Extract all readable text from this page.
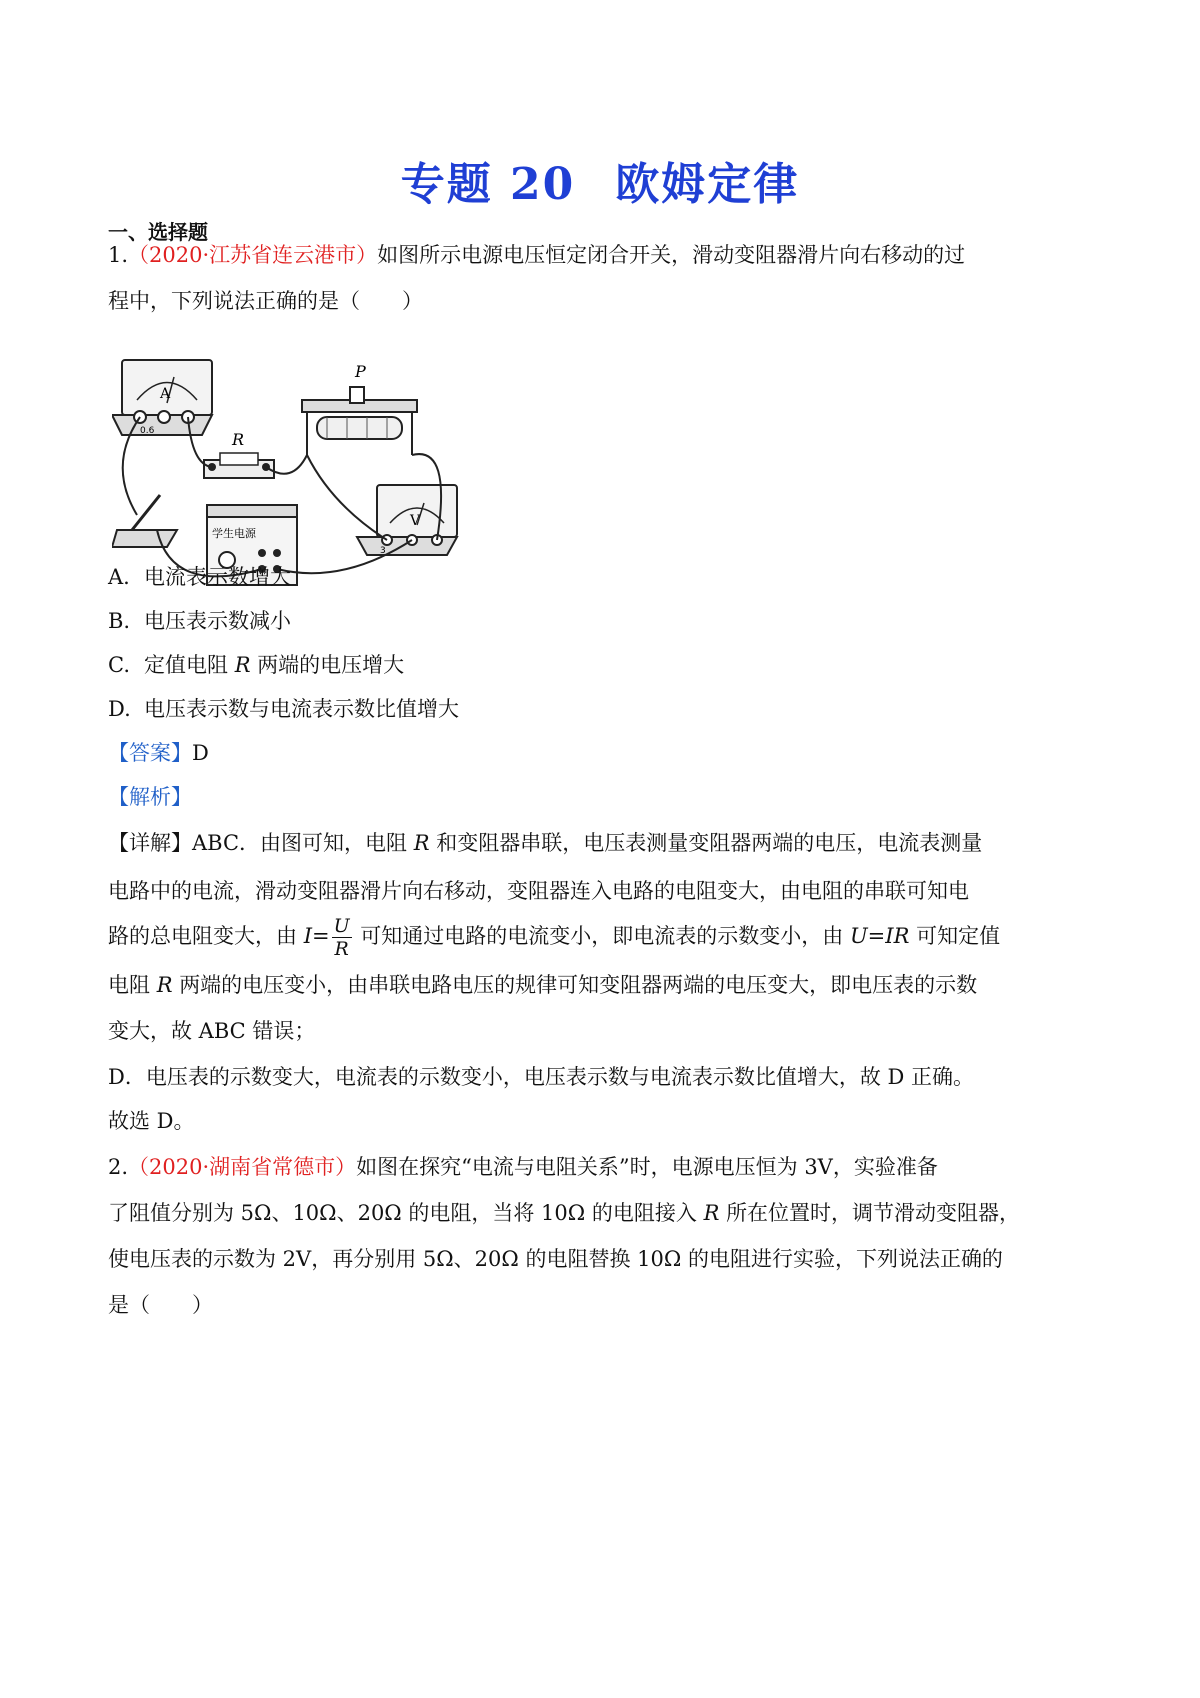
专题 20 欧姆定律
一、选择题
1.（2020·江苏省连云港市）如图所示电源电压恒定闭合开关，滑动变阻器滑片向右移动的过
程中，下列说法正确的是（　　）
A
0.6	R
P
学生电源
V
3
A. 电流表示数增大
B. 电压表示数减小
C. 定值电阻 R 两端的电压增大
D. 电压表示数与电流表示数比值增大
【答案】D
【解析】
【详解】ABC．由图可知，电阻 R 和变阻器串联，电压表测量变阻器两端的电压，电流表测量
电路中的电流，滑动变阻器滑片向右移动，变阻器连入电路的电阻变大，由电阻的串联可知电
路的总电阻变大，由 $I= \frac{U}{R}$ 可知通过电路的电流变小，即电流表的示数变小，由 U=IR 可知定值
电阻 R 两端的电压变小，由串联电路电压的规律可知变阻器两端的电压变大，即电压表的示数
变大，故 ABC 错误；
D．电压表的示数变大，电流表的示数变小，电压表示数与电流表示数比值增大，故 D 正确。
故选 D。
2.（2020·湖南省常德市）如图在探究“电流与电阻关系”时，电源电压恒为 3V，实验准备
了阻值分别为 5Ω、10Ω、20Ω 的电阻，当将 10Ω 的电阻接入 R 所在位置时，调节滑动变阻器，
使电压表的示数为 2V，再分别用 5Ω、20Ω 的电阻替换 10Ω 的电阻进行实验，下列说法正确的
是（　　）
